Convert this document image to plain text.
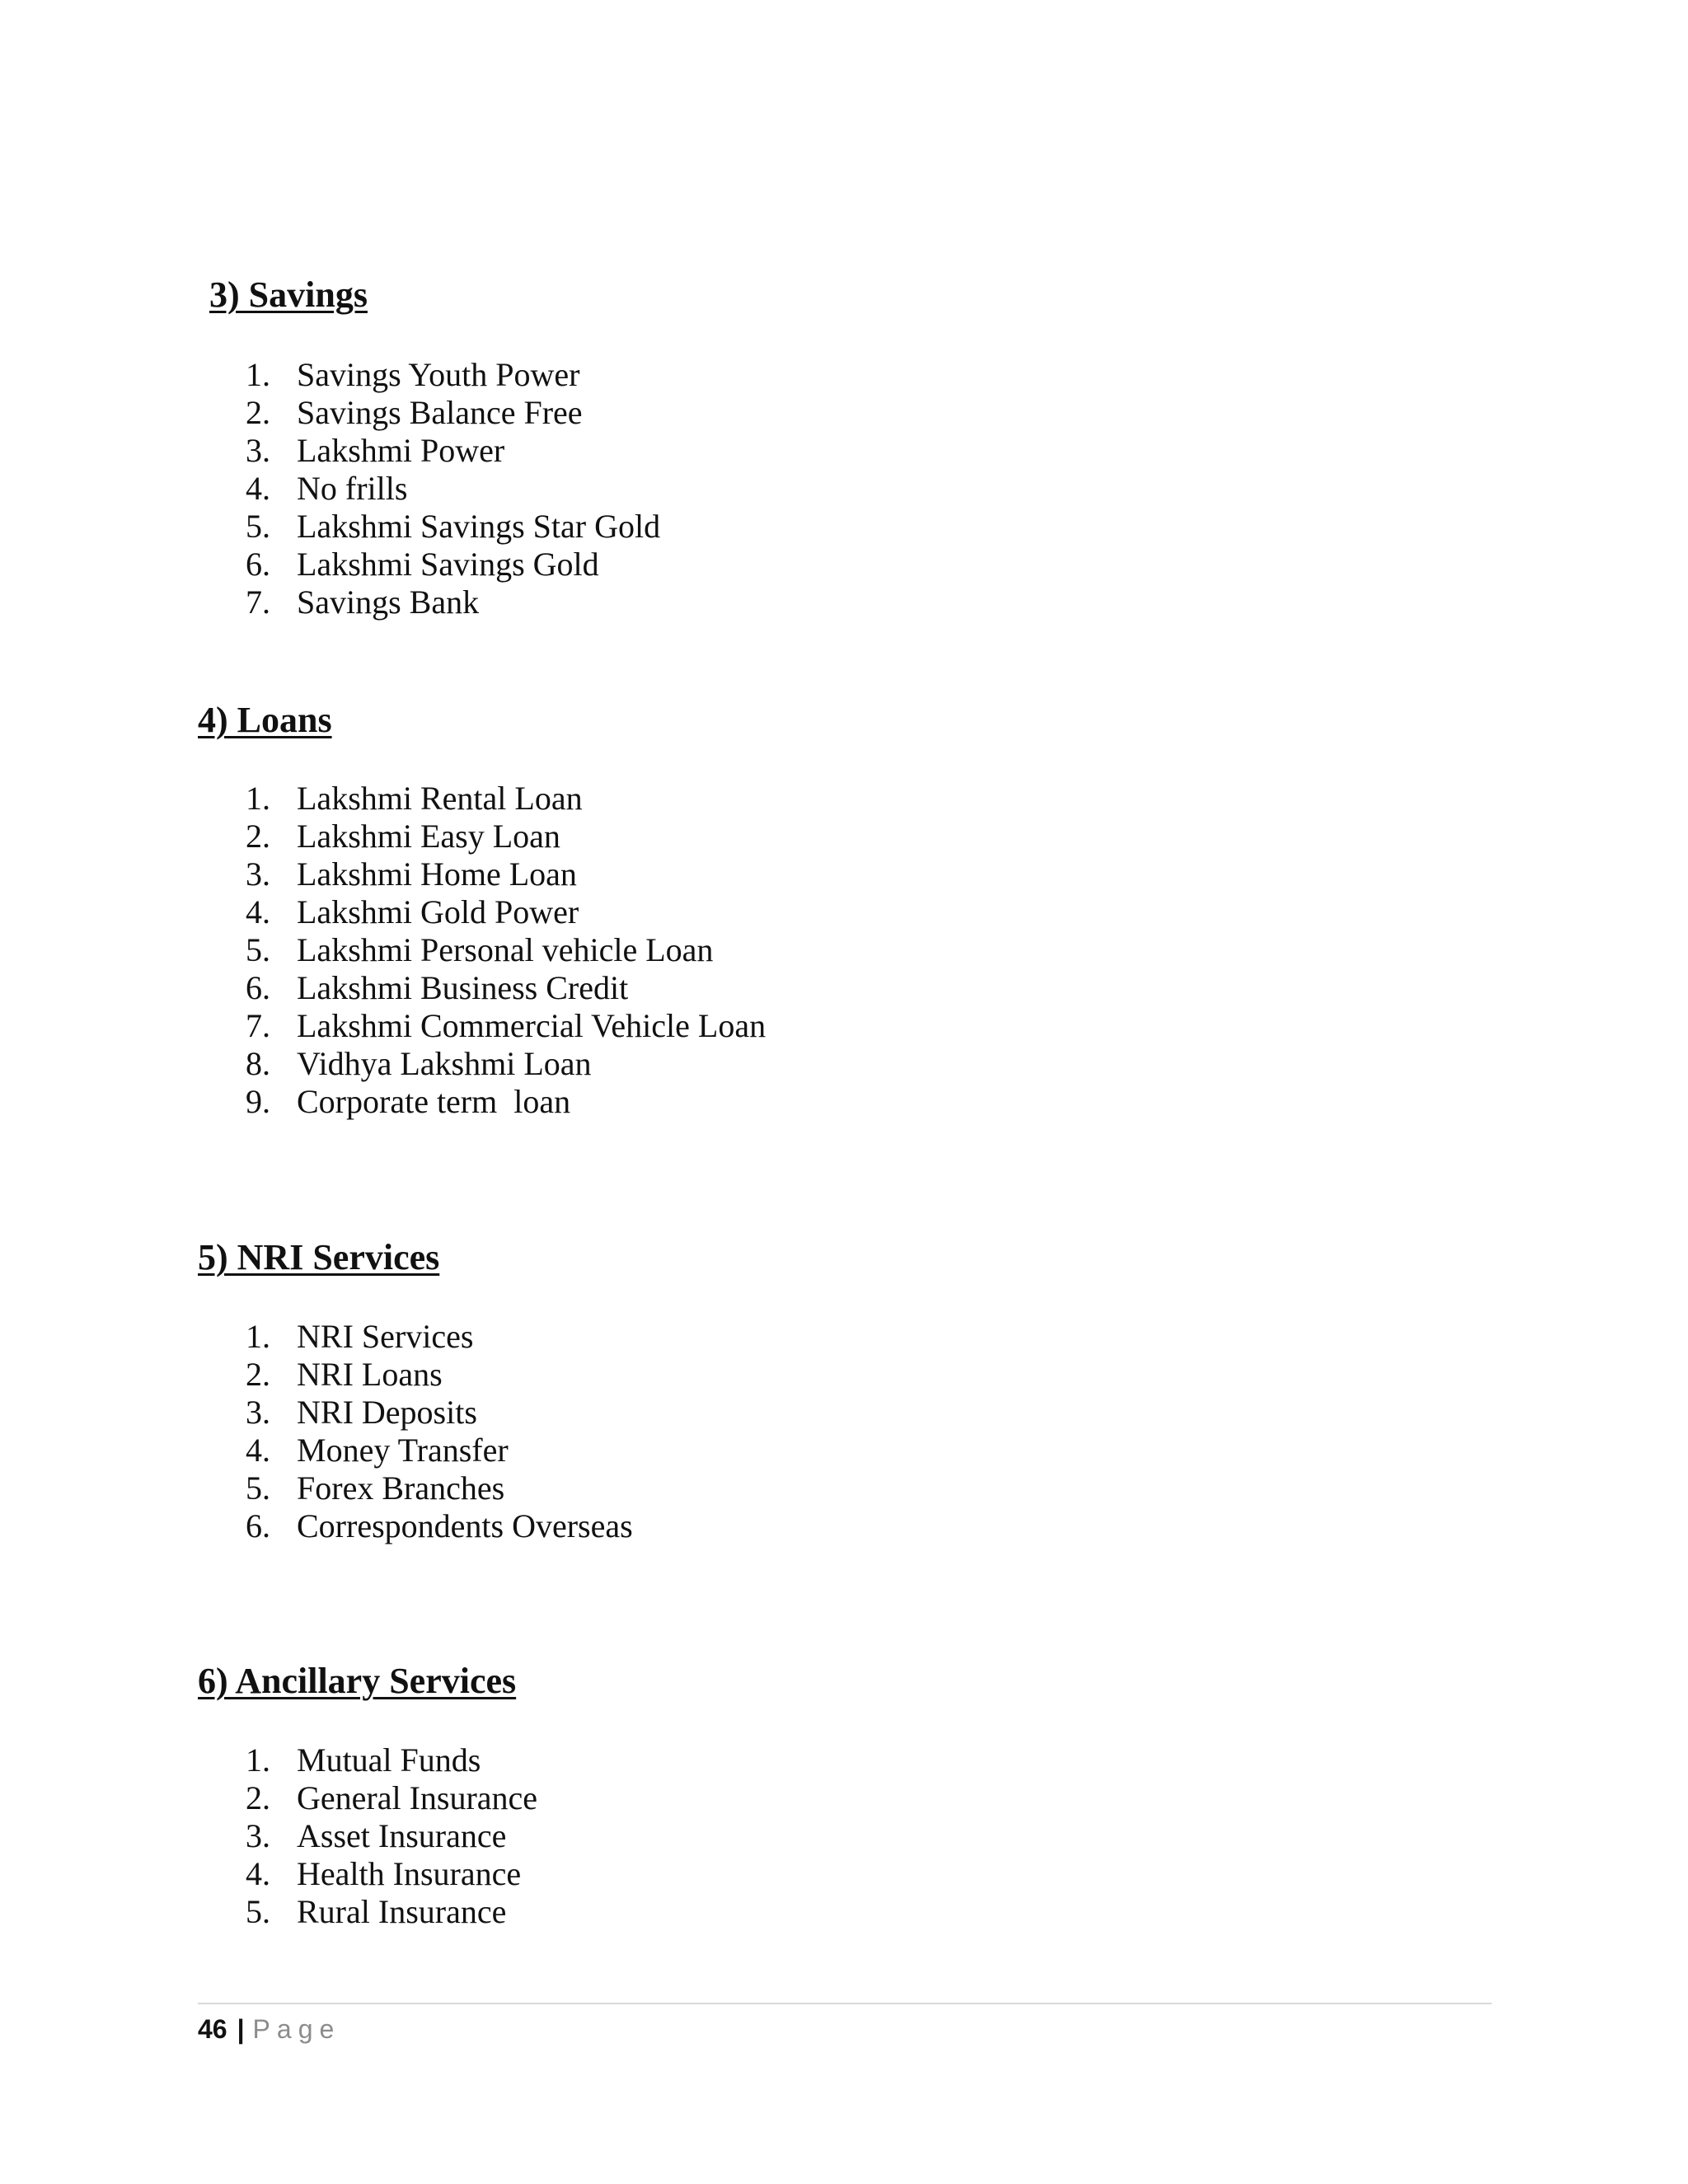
3) Savings
1. Savings Youth Power
2. Savings Balance Free
3. Lakshmi Power
4. No frills
5. Lakshmi Savings Star Gold
6. Lakshmi Savings Gold
7. Savings Bank
4) Loans
1. Lakshmi Rental Loan
2. Lakshmi Easy Loan
3. Lakshmi Home Loan
4. Lakshmi Gold Power
5. Lakshmi Personal vehicle Loan
6. Lakshmi Business Credit
7. Lakshmi Commercial Vehicle Loan
8. Vidhya Lakshmi Loan
9. Corporate term  loan
5) NRI Services
1. NRI Services
2. NRI Loans
3. NRI Deposits
4. Money Transfer
5. Forex Branches
6. Correspondents Overseas
6) Ancillary Services
1. Mutual Funds
2. General Insurance
3. Asset Insurance
4. Health Insurance
5. Rural Insurance
46 | Page
